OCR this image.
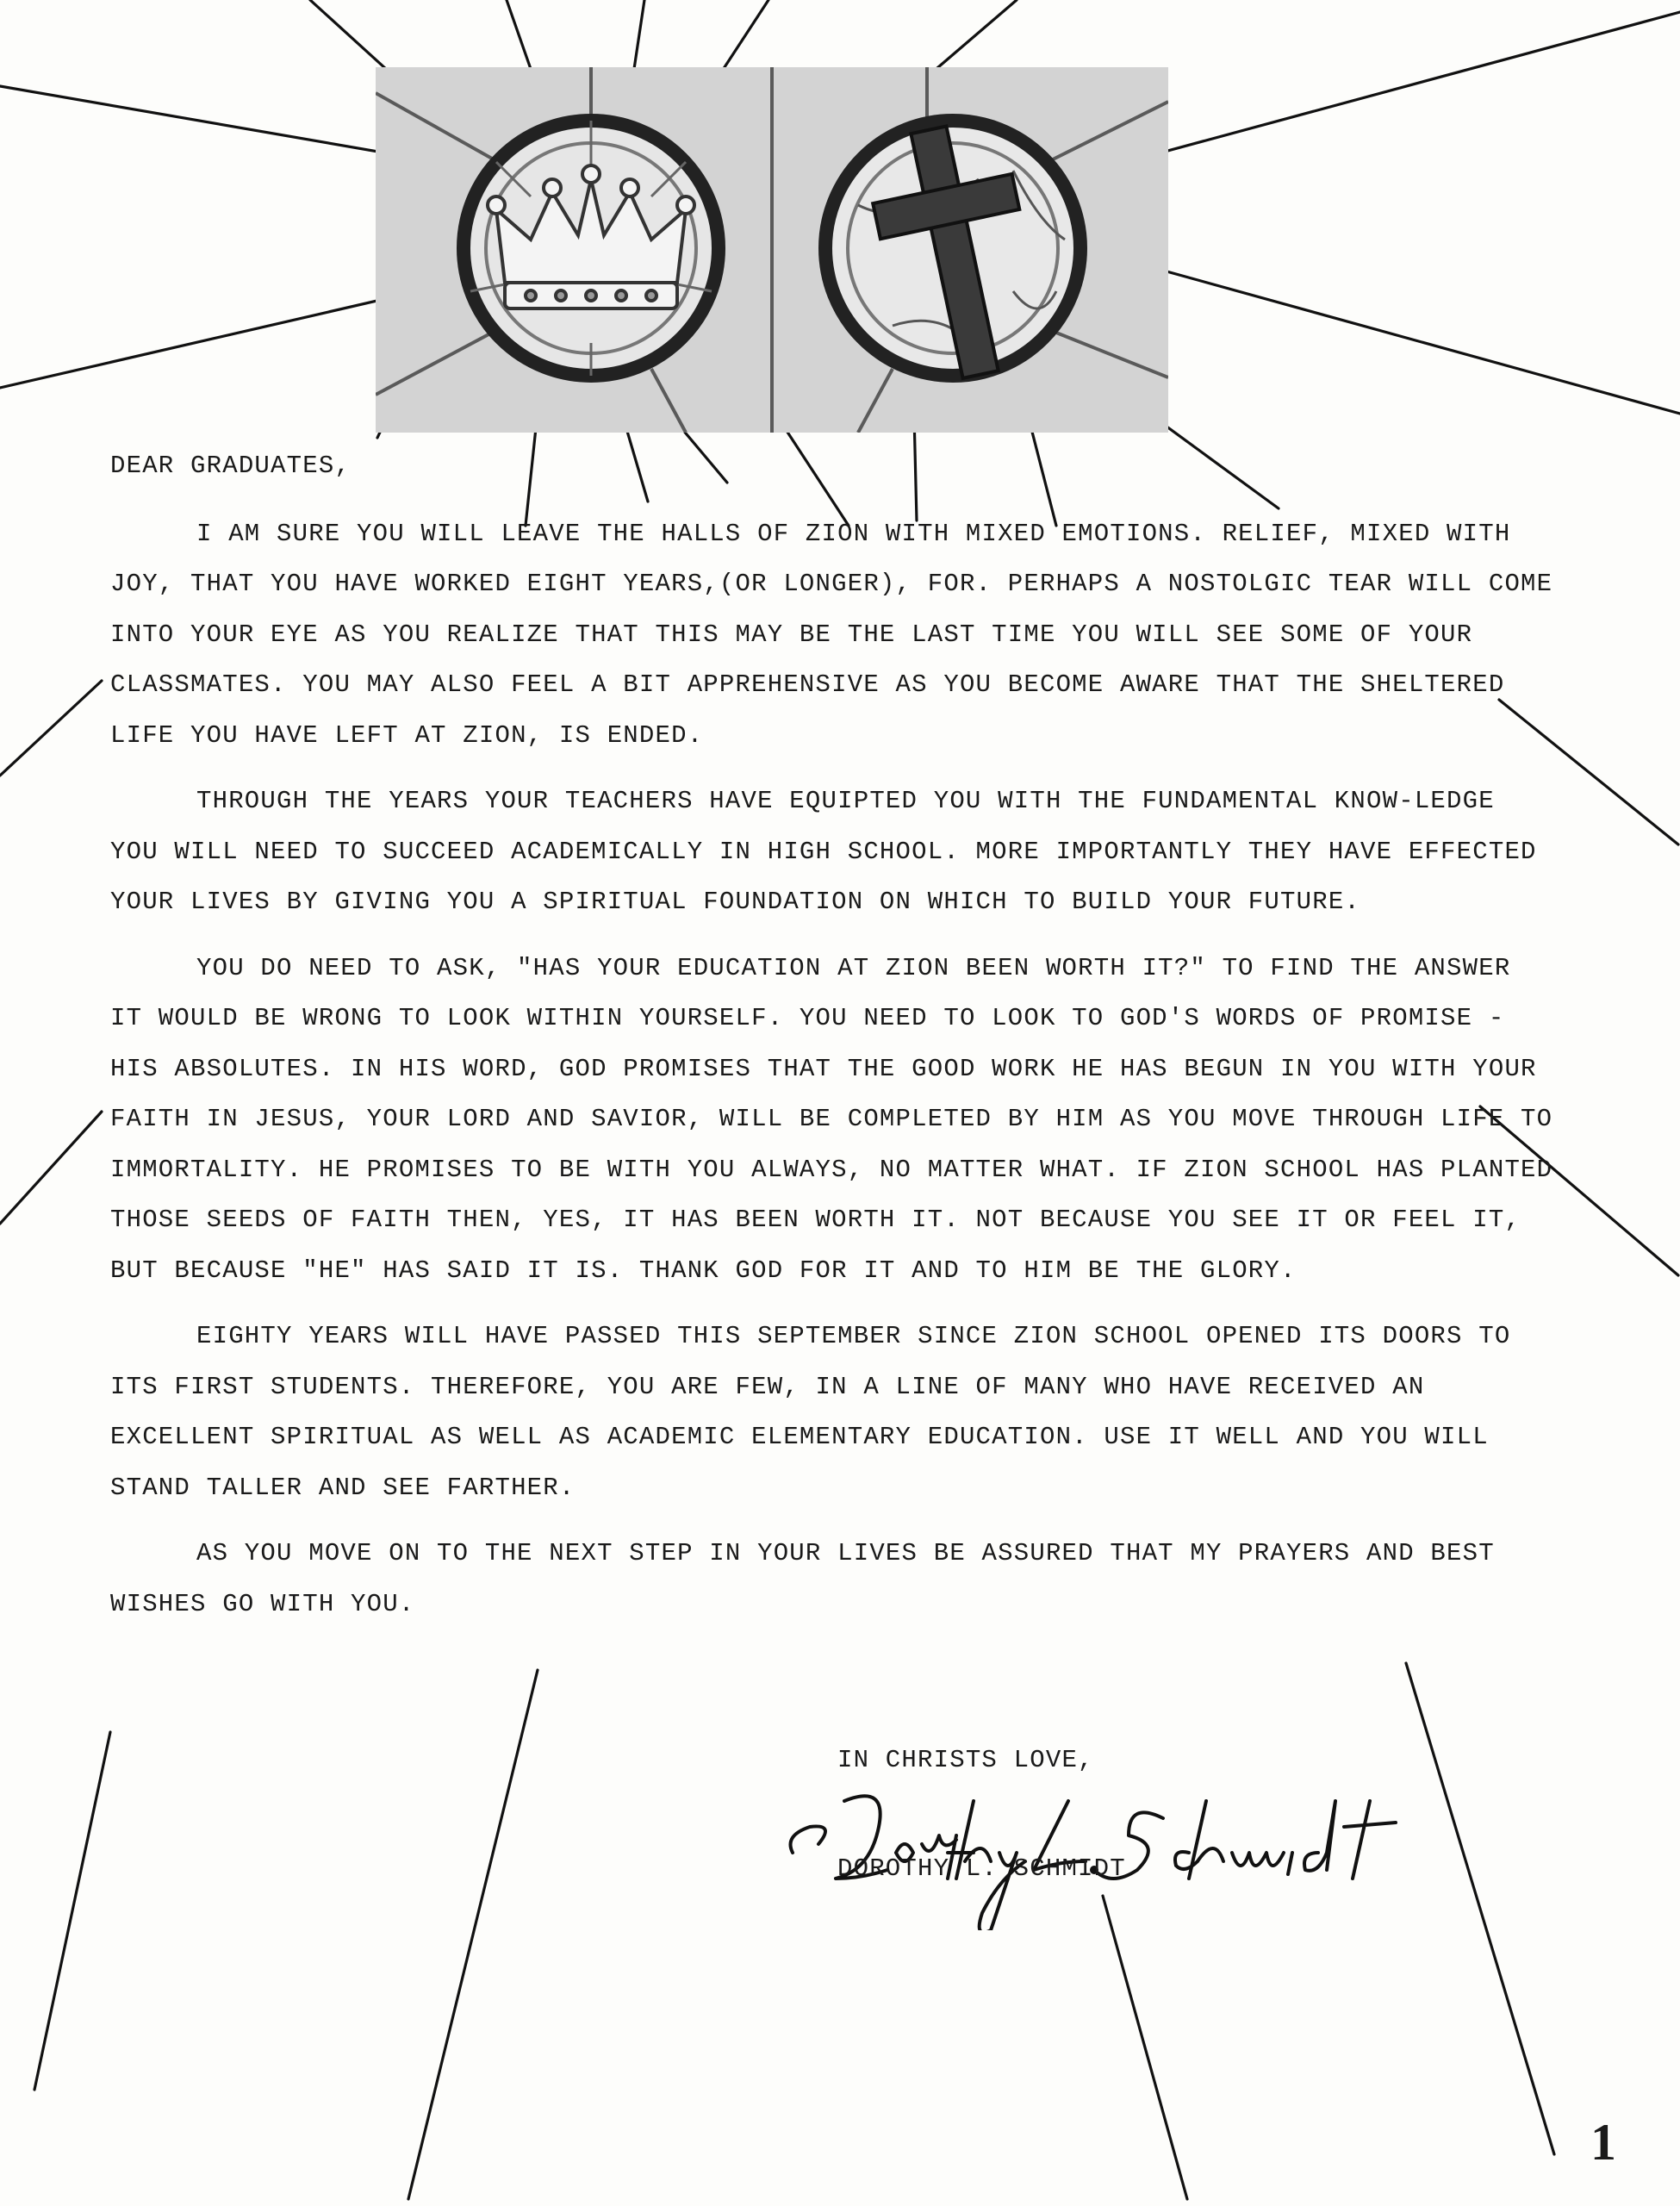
DEAR GRADUATES,

I AM SURE YOU WILL LEAVE THE HALLS OF ZION WITH MIXED EMOTIONS. RELIEF, MIXED WITH JOY, THAT YOU HAVE WORKED EIGHT YEARS,(OR LONGER), FOR. PERHAPS A NOSTOLGIC TEAR WILL COME INTO YOUR EYE AS YOU REALIZE THAT THIS MAY BE THE LAST TIME YOU WILL SEE SOME OF YOUR CLASSMATES. YOU MAY ALSO FEEL A BIT APPREHENSIVE AS YOU BECOME AWARE THAT THE SHELTERED LIFE YOU HAVE LEFT AT ZION, IS ENDED.

THROUGH THE YEARS YOUR TEACHERS HAVE EQUIPTED YOU WITH THE FUNDAMENTAL KNOW-LEDGE YOU WILL NEED TO SUCCEED ACADEMICALLY IN HIGH SCHOOL. MORE IMPORTANTLY THEY HAVE EFFECTED YOUR LIVES BY GIVING YOU A SPIRITUAL FOUNDATION ON WHICH TO BUILD YOUR FUTURE.

YOU DO NEED TO ASK, "HAS YOUR EDUCATION AT ZION BEEN WORTH IT?" TO FIND THE ANSWER IT WOULD BE WRONG TO LOOK WITHIN YOURSELF. YOU NEED TO LOOK TO GOD'S WORDS OF PROMISE - HIS ABSOLUTES. IN HIS WORD, GOD PROMISES THAT THE GOOD WORK HE HAS BEGUN IN YOU WITH YOUR FAITH IN JESUS, YOUR LORD AND SAVIOR, WILL BE COMPLETED BY HIM AS YOU MOVE THROUGH LIFE TO IMMORTALITY. HE PROMISES TO BE WITH YOU ALWAYS, NO MATTER WHAT. IF ZION SCHOOL HAS PLANTED THOSE SEEDS OF FAITH THEN, YES, IT HAS BEEN WORTH IT. NOT BECAUSE YOU SEE IT OR FEEL IT, BUT BECAUSE "HE" HAS SAID IT IS. THANK GOD FOR IT AND TO HIM BE THE GLORY.

EIGHTY YEARS WILL HAVE PASSED THIS SEPTEMBER SINCE ZION SCHOOL OPENED ITS DOORS TO ITS FIRST STUDENTS. THEREFORE, YOU ARE FEW, IN A LINE OF MANY WHO HAVE RECEIVED AN EXCELLENT SPIRITUAL AS WELL AS ACADEMIC ELEMENTARY EDUCATION. USE IT WELL AND YOU WILL STAND TALLER AND SEE FARTHER.

AS YOU MOVE ON TO THE NEXT STEP IN YOUR LIVES BE ASSURED THAT MY PRAYERS AND BEST WISHES GO WITH YOU.

IN CHRISTS LOVE,
DOROTHY L. SCHMIDT
1
